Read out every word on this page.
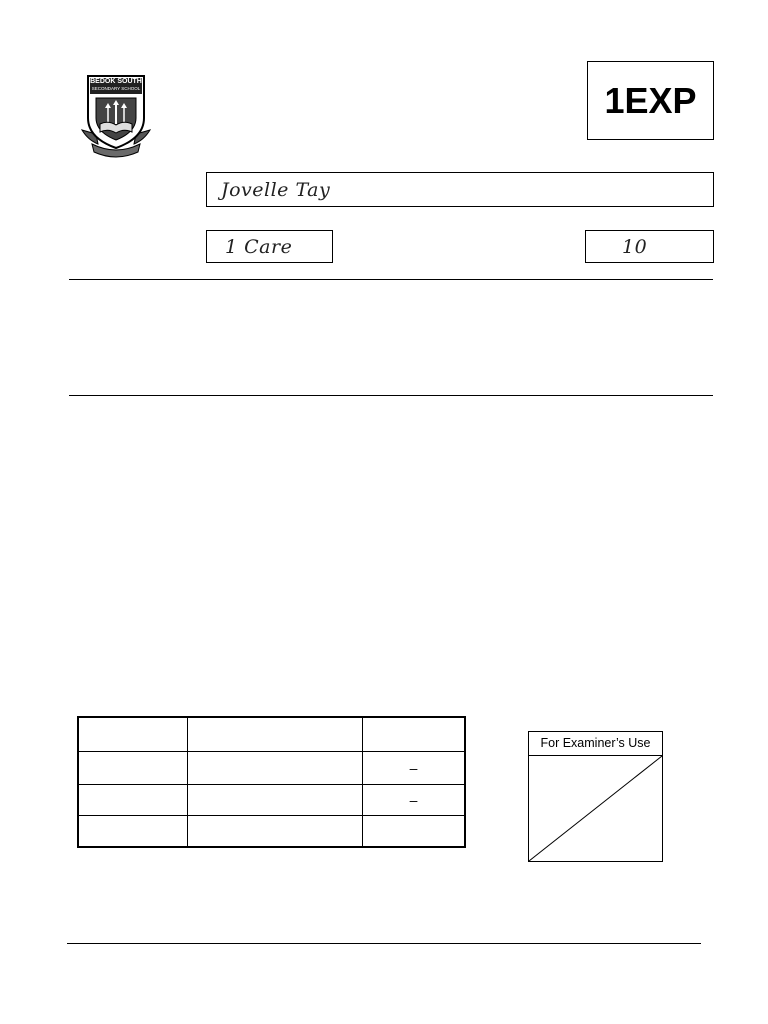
BEDOK SOUTH
SECONDARY SCHOOL	1EXP
Jovelle Tay
1 Care	10

		–
		–

For Examiner’s Use
